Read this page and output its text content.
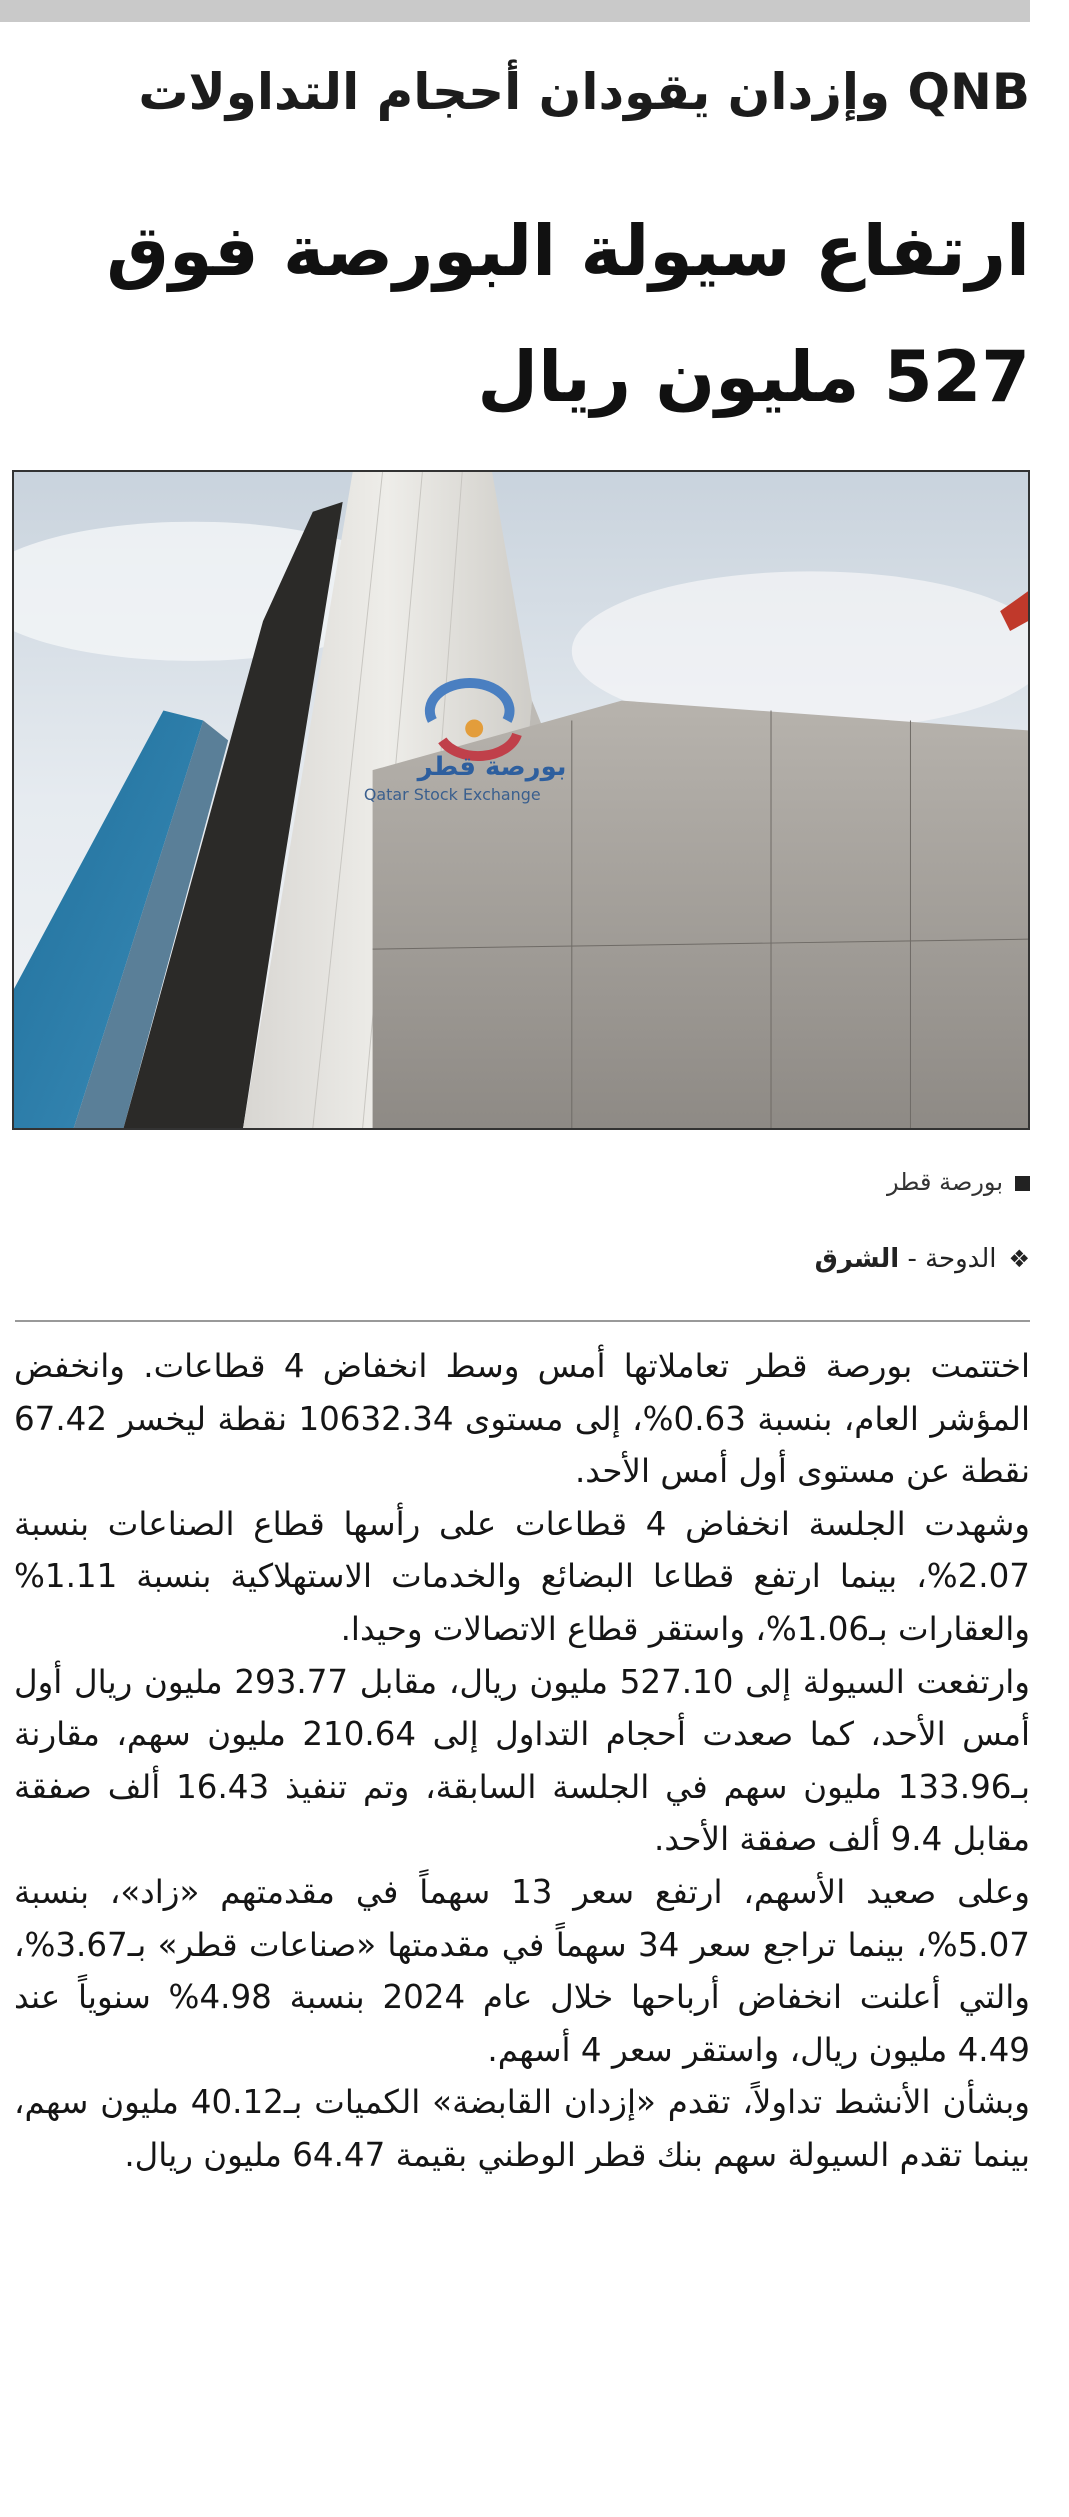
QNB وإزدان يقودان أحجام التداولات
ارتفاع سيولة البورصة فوق
527 مليون ريال
بورصة قطر
Qatar Stock Exchange
بورصة قطر
❖الدوحة - الشرق

اختتمت بورصة قطر تعاملاتها أمس وسط انخفاض 4 قطاعات. وانخفض المؤشر العام، بنسبة 0.63%، إلى مستوى 10632.34 نقطة ليخسر 67.42 نقطة عن مستوى أول أمس الأحد.

وشهدت الجلسة انخفاض 4 قطاعات على رأسها قطاع الصناعات بنسبة 2.07%، بينما ارتفع قطاعا البضائع والخدمات الاستهلاكية بنسبة 1.11% والعقارات بـ1.06%، واستقر قطاع الاتصالات وحيدا.

وارتفعت السيولة إلى 527.10 مليون ريال، مقابل 293.77 مليون ريال أول أمس الأحد، كما صعدت أحجام التداول إلى 210.64 مليون سهم، مقارنة بـ133.96 مليون سهم في الجلسة السابقة، وتم تنفيذ 16.43 ألف صفقة مقابل 9.4 ألف صفقة الأحد.

وعلى صعيد الأسهم، ارتفع سعر 13 سهماً في مقدمتهم «زاد»، بنسبة 5.07%، بينما تراجع سعر 34 سهماً في مقدمتها «صناعات قطر» بـ3.67%، والتي أعلنت انخفاض أرباحها خلال عام 2024 بنسبة 4.98% سنوياً عند 4.49 مليون ريال، واستقر سعر 4 أسهم.

وبشأن الأنشط تداولاً، تقدم «إزدان القابضة» الكميات بـ40.12 مليون سهم، بينما تقدم السيولة سهم بنك قطر الوطني بقيمة 64.47 مليون ريال.
